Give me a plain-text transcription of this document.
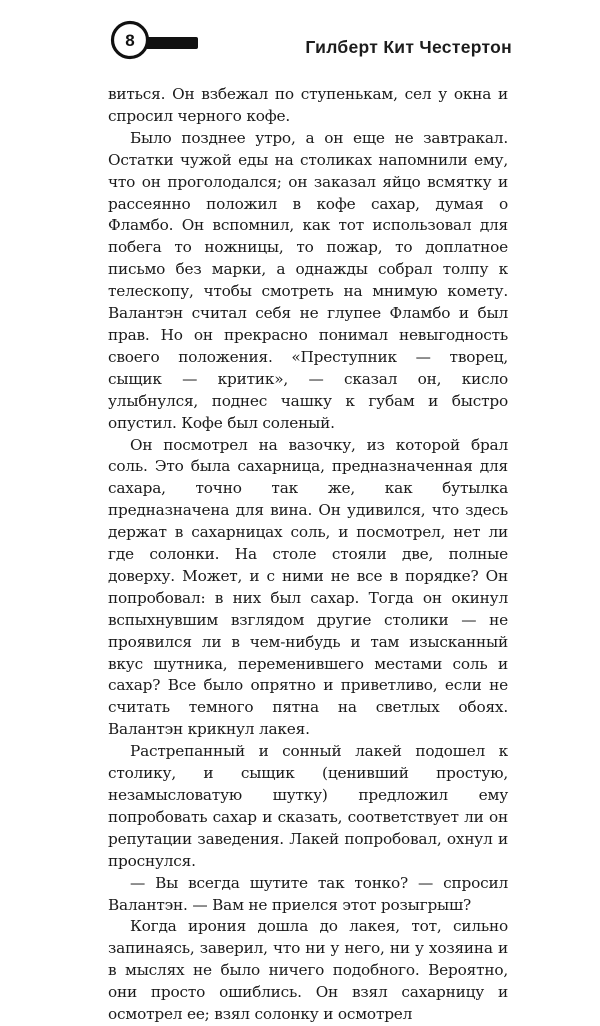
8	Гилберт Кит Честертон

виться. Он взбежал по ступенькам, сел у окна и спросил черного кофе.

Было позднее утро, а он еще не завтракал. Остатки чужой еды на столиках напомнили ему, что он проголодался; он заказал яйцо всмятку и рассеянно положил в кофе сахар, думая о Фламбо. Он вспомнил, как тот использовал для побега то ножницы, то пожар, то доплатное письмо без марки, а однажды собрал толпу к телескопу, чтобы смотреть на мнимую комету. Валантэн считал себя не глупее Фламбо и был прав. Но он прекрасно понимал невыгодность своего положения. «Преступник — творец, сыщик — критик», — сказал он, кисло улыбнулся, поднес чашку к губам и быстро опустил. Кофе был соленый.

Он посмотрел на вазочку, из которой брал соль. Это была сахарница, предназначенная для сахара, точно так же, как бутылка предназначена для вина. Он удивился, что здесь держат в сахарницах соль, и посмотрел, нет ли где солонки. На столе стояли две, полные доверху. Может, и с ними не все в порядке? Он попробовал: в них был сахар. Тогда он окинул вспыхнувшим взглядом другие столики — не проявился ли в чем-нибудь и там изысканный вкус шутника, переменившего местами соль и сахар? Все было опрятно и приветливо, если не считать темного пятна на светлых обоях. Валантэн крикнул лакея.

Растрепанный и сонный лакей подошел к столику, и сыщик (ценивший простую, незамысловатую шутку) предложил ему попробовать сахар и сказать, соответствует ли он репутации заведения. Лакей попробовал, охнул и проснулся.

— Вы всегда шутите так тонко? — спросил Валантэн. — Вам не приелся этот розыгрыш?

Когда ирония дошла до лакея, тот, сильно запинаясь, заверил, что ни у него, ни у хозяина и в мыслях не было ничего подобного. Вероятно, они просто ошиблись. Он взял сахарницу и осмотрел ее; взял солонку и осмотрел
